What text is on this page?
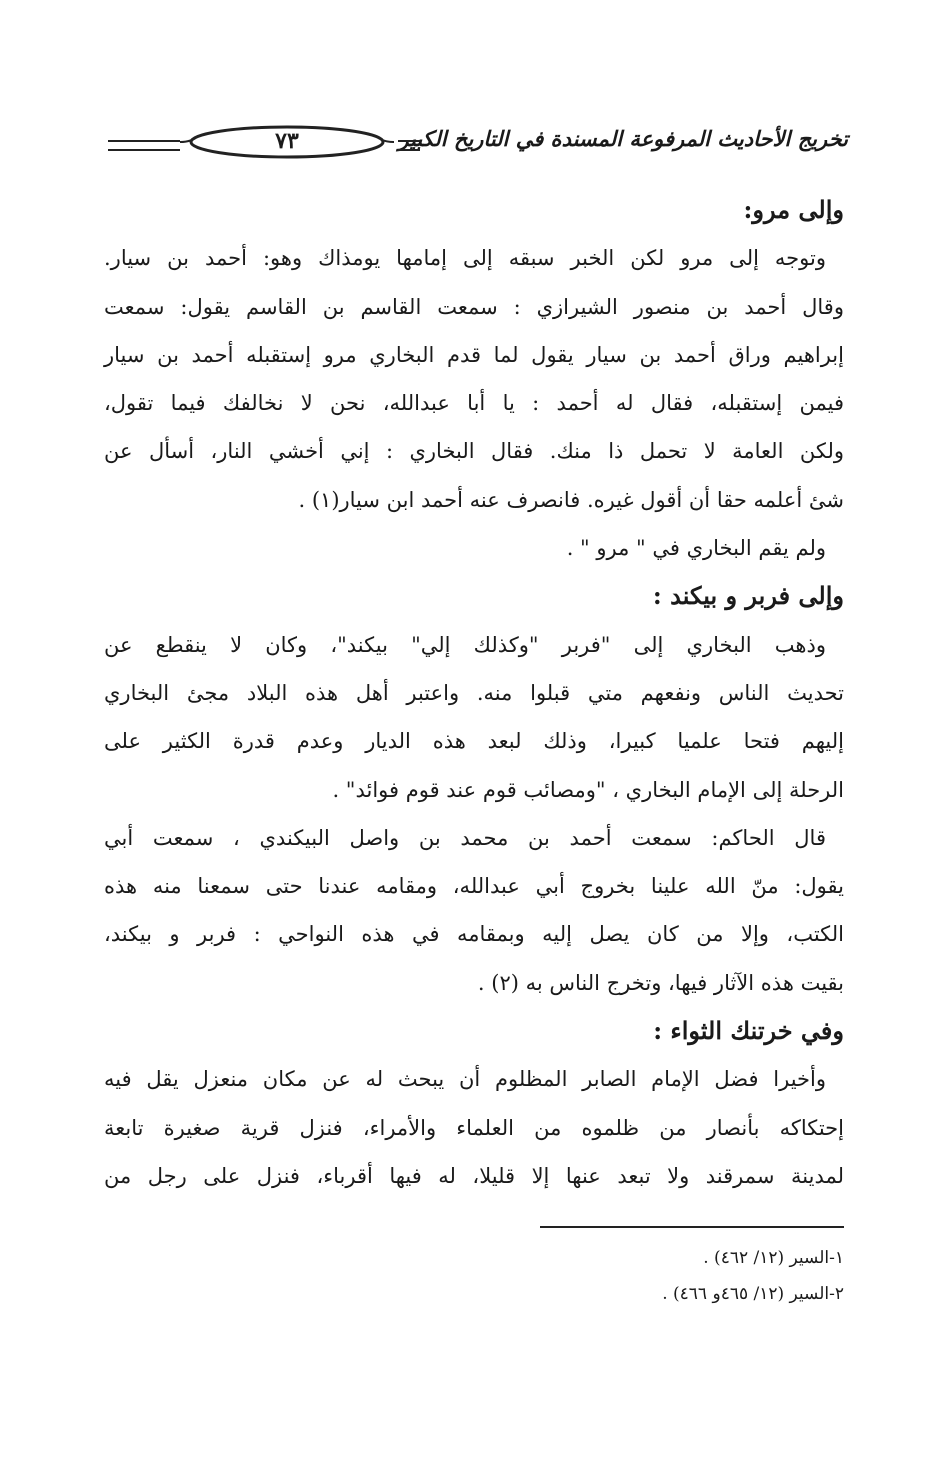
تخريج الأحاديث المرفوعة المسندة في التاريخ الكبير
٧٣
وإلى مرو:
وتوجه إلى مرو لكن الخبر سبقه إلى إمامها يومذاك وهو: أحمد بن سيار.
وقال أحمد بن منصور الشيرازي : سمعت القاسم بن القاسم يقول: سمعت
إبراهيم وراق أحمد بن سيار يقول لما قدم البخاري مرو إستقبله أحمد بن سيار
فيمن إستقبله، فقال له أحمد : يا أبا عبدالله، نحن لا نخالفك فيما تقول،
ولكن العامة لا تحمل ذا منك. فقال البخاري : إني أخشي النار، أسأل عن
شئ أعلمه حقا أن أقول غيره. فانصرف عنه أحمد ابن سيار(١) .
ولم يقم البخاري في " مرو " .
وإلى فربر و بيكند :
وذهب البخاري إلى "فربر "وكذلك إلي" بيكند"، وكان لا ينقطع عن
تحديث الناس ونفعهم متي قبلوا منه. واعتبر أهل هذه البلاد مجئ البخاري
إليهم فتحا علميا كبيرا، وذلك لبعد هذه الديار وعدم قدرة الكثير على
الرحلة إلى الإمام البخاري ، "ومصائب قوم عند قوم فوائد" .
قال الحاكم: سمعت أحمد بن محمد بن واصل البيكندي ، سمعت أبي
يقول: منّ الله علينا بخروج أبي عبدالله، ومقامه عندنا حتى سمعنا منه هذه
الكتب، وإلا من كان يصل إليه وبمقامه في هذه النواحي : فربر و بيكند،
بقيت هذه الآثار فيها، وتخرج الناس به (٢) .
وفي خرتنك الثواء :
وأخيرا فضل الإمام الصابر المظلوم أن يبحث له عن مكان منعزل يقل فيه
إحتكاكه بأنصار من ظلموه من العلماء والأمراء، فنزل قرية صغيرة تابعة
لمدينة سمرقند ولا تبعد عنها إلا قليلا، له فيها أقرباء، فنزل على رجل من
١-السير (١٢/ ٤٦٢) .
٢-السير (١٢/ ٤٦٥و ٤٦٦) .
